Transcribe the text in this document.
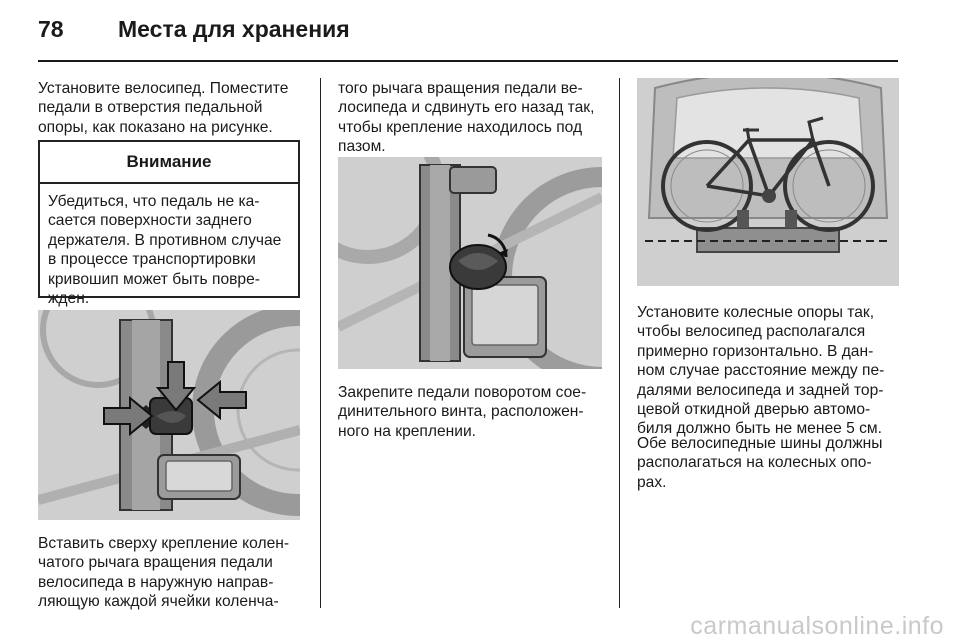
78 Места для хранения
Установите велосипед. Поместите педали в отверстия педальной опоры, как показано на рисунке.
Внимание
Убедиться, что педаль не ка- сается поверхности заднего держателя. В противном случае в процессе транспортировки кривошип может быть повре- жден.
Вставить сверху крепление колен- чатого рычага вращения педали велосипеда в наружную направ- ляющую каждой ячейки коленча-
того рычага вращения педали ве- лосипеда и сдвинуть его назад так, чтобы крепление находилось под пазом.
Закрепите педали поворотом сое- динительного винта, расположен- ного на креплении.
Установите колесные опоры так, чтобы велосипед располагался примерно горизонтально. В дан- ном случае расстояние между пе- далями велосипеда и задней тор- цевой откидной дверью автомо- биля должно быть не менее 5 см.
Обе велосипедные шины должны располагаться на колесных опо- рах.
carmanualsonline.info
